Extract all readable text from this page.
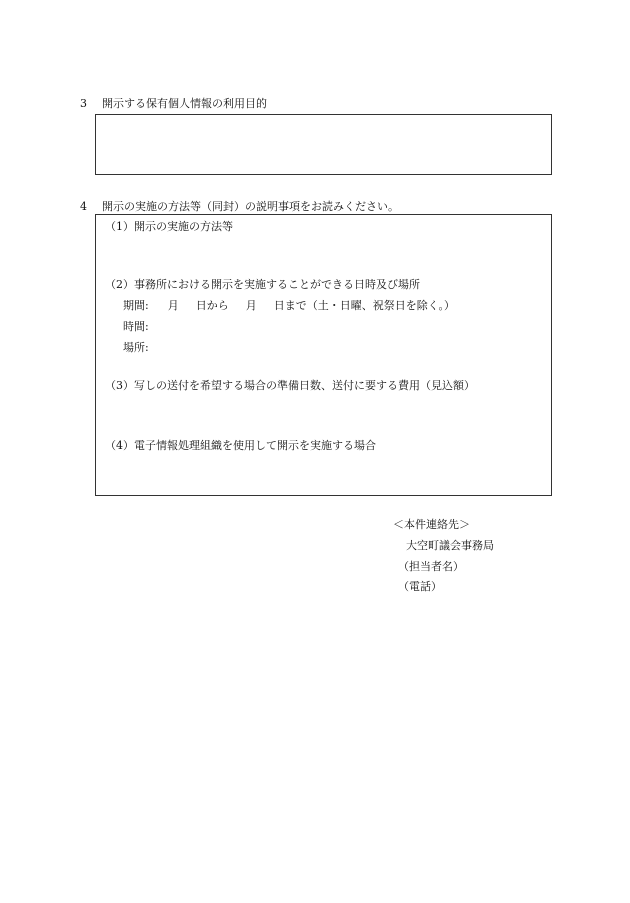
3 開示する保有個人情報の利用目的
4 開示の実施の方法等（同封）の説明事項をお読みください。
（1）開示の実施の方法等
（2）事務所における開示を実施することができる日時及び場所
期間: 月 日から 月 日まで（土・日曜、祝祭日を除く。）
時間:
場所:
（3）写しの送付を希望する場合の準備日数、送付に要する費用（見込額）
（4）電子情報処理組織を使用して開示を実施する場合
＜本件連絡先＞
大空町議会事務局
（担当者名）
（電話）
